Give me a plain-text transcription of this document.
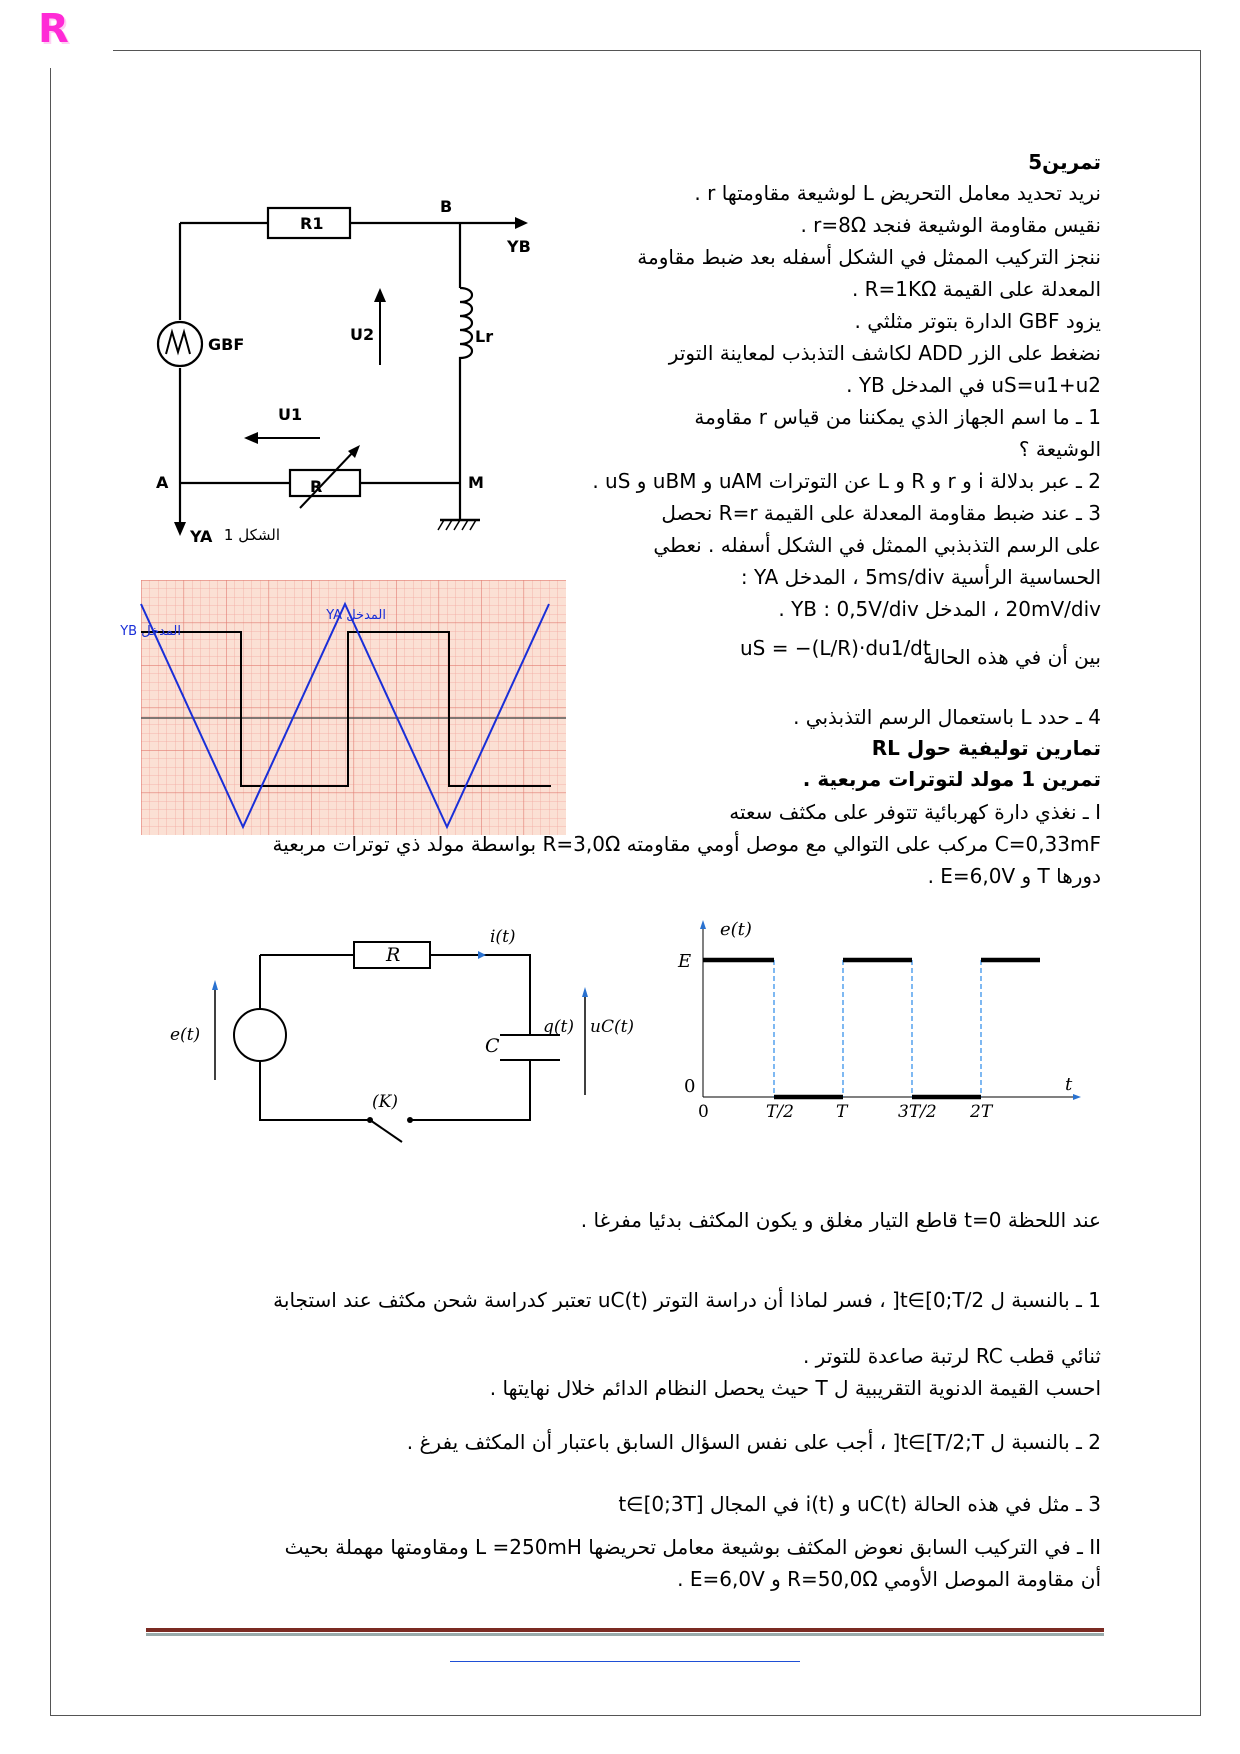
R
تمرين5
نريد تحديد معامل التحريض L لوشيعة مقاومتها r .
نقيس مقاومة الوشيعة فنجد r=8Ω .
ننجز التركيب الممثل في الشكل أسفله بعد ضبط مقاومة
المعدلة على القيمة R=1KΩ .
يزود GBF الدارة بتوتر مثلثي .
نضغط على الزر ADD لكاشف التذبذب لمعاينة التوتر
uS=u1+u2 في المدخل YB .
1 ـ ما اسم الجهاز الذي يمكننا من قياس r مقاومة
الوشيعة ؟
2 ـ عبر بدلالة i و r و R و L عن التوترات uAM و uBM و uS .
3 ـ عند ضبط مقاومة المعدلة على القيمة R=r نحصل
على الرسم التذبذبي الممثل في الشكل أسفله . نعطي
الحساسية الرأسية 5ms/div ، المدخل YA :
20mV/div ، المدخل YB : 0,5V/div .
بين أن في هذه الحالة
uS = −(L/R)·du1/dt
4 ـ حدد L باستعمال الرسم التذبذبي .
R1
B
YB
GBF	Lr
U2
U1
R
A	M
YA الشكل 1
المدخل YB
المدخل YA
تمارين توليفية حول RL
تمرين 1 مولد لتوترات مربعية .
I ـ نغذي دارة كهربائية تتوفر على مكثف سعته
C=0,33mF مركب على التوالي مع موصل أومي مقاومته R=3,0Ω بواسطة مولد ذي توترات مربعية
دورها T و E=6,0V .
R
C
q(t)
i(t)
(K)
e(t)	uC(t)
e(t)
E
0	t
0	T/2 T	3T/2 2T
عند اللحظة t=0 قاطع التيار مغلق و يكون المكثف بدئيا مفرغا .
1 ـ بالنسبة ل t∈[0;T/2[ ، فسر لماذا أن دراسة التوتر uC(t) تعتبر كدراسة شحن مكثف عند استجابة
ثنائي قطب RC لرتبة صاعدة للتوتر .
احسب القيمة الدنوية التقريبية ل T حيث يحصل النظام الدائم خلال نهايتها .
2 ـ بالنسبة ل t∈[T/2;T[ ، أجب على نفس السؤال السابق باعتبار أن المكثف يفرغ .
3 ـ مثل في هذه الحالة uC(t) و i(t) في المجال t∈[0;3T]
II ـ في التركيب السابق نعوض المكثف بوشيعة معامل تحريضها L =250mH ومقاومتها مهملة بحيث
أن مقاومة الموصل الأومي R=50,0Ω و E=6,0V .
